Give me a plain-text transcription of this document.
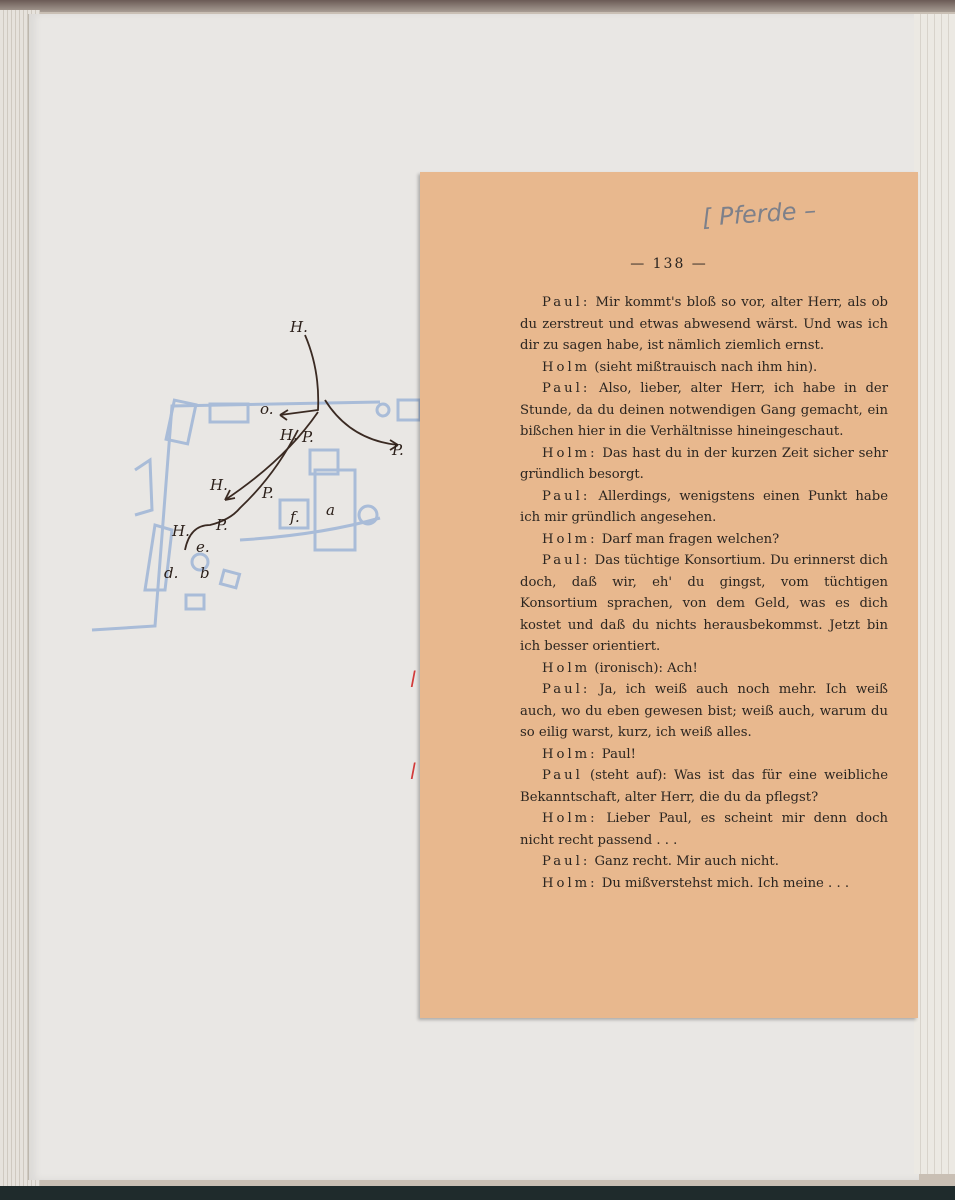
H.
H.
H.
H.
P.
P.
P.
P.
o.
a
b
d.
e.
f.
ǀ
ǀ
[ Pferde –
— 138 —

Paul: Mir kommt's bloß so vor, alter Herr, als ob du zerstreut und etwas abwesend wärst. Und was ich dir zu sagen habe, ist nämlich ziemlich ernst.

Holm (sieht mißtrauisch nach ihm hin).

Paul: Also, lieber, alter Herr, ich habe in der Stunde, da du deinen notwendigen Gang gemacht, ein bißchen hier in die Verhältnisse hineingeschaut.

Holm: Das hast du in der kurzen Zeit sicher sehr gründlich besorgt.

Paul: Allerdings, wenigstens einen Punkt habe ich mir gründlich angesehen.

Holm: Darf man fragen welchen?

Paul: Das tüchtige Konsortium. Du erinnerst dich doch, daß wir, eh' du gingst, vom tüchtigen Konsortium sprachen, von dem Geld, was es dich kostet und daß du nichts herausbekommst. Jetzt bin ich besser orientiert.

Holm (ironisch): Ach!

Paul: Ja, ich weiß auch noch mehr. Ich weiß auch, wo du eben gewesen bist; weiß auch, warum du so eilig warst, kurz, ich weiß alles.

Holm: Paul!

Paul (steht auf): Was ist das für eine weibliche Bekanntschaft, alter Herr, die du da pflegst?

Holm: Lieber Paul, es scheint mir denn doch nicht recht passend . . .

Paul: Ganz recht. Mir auch nicht.

Holm: Du mißverstehst mich. Ich meine . . .
